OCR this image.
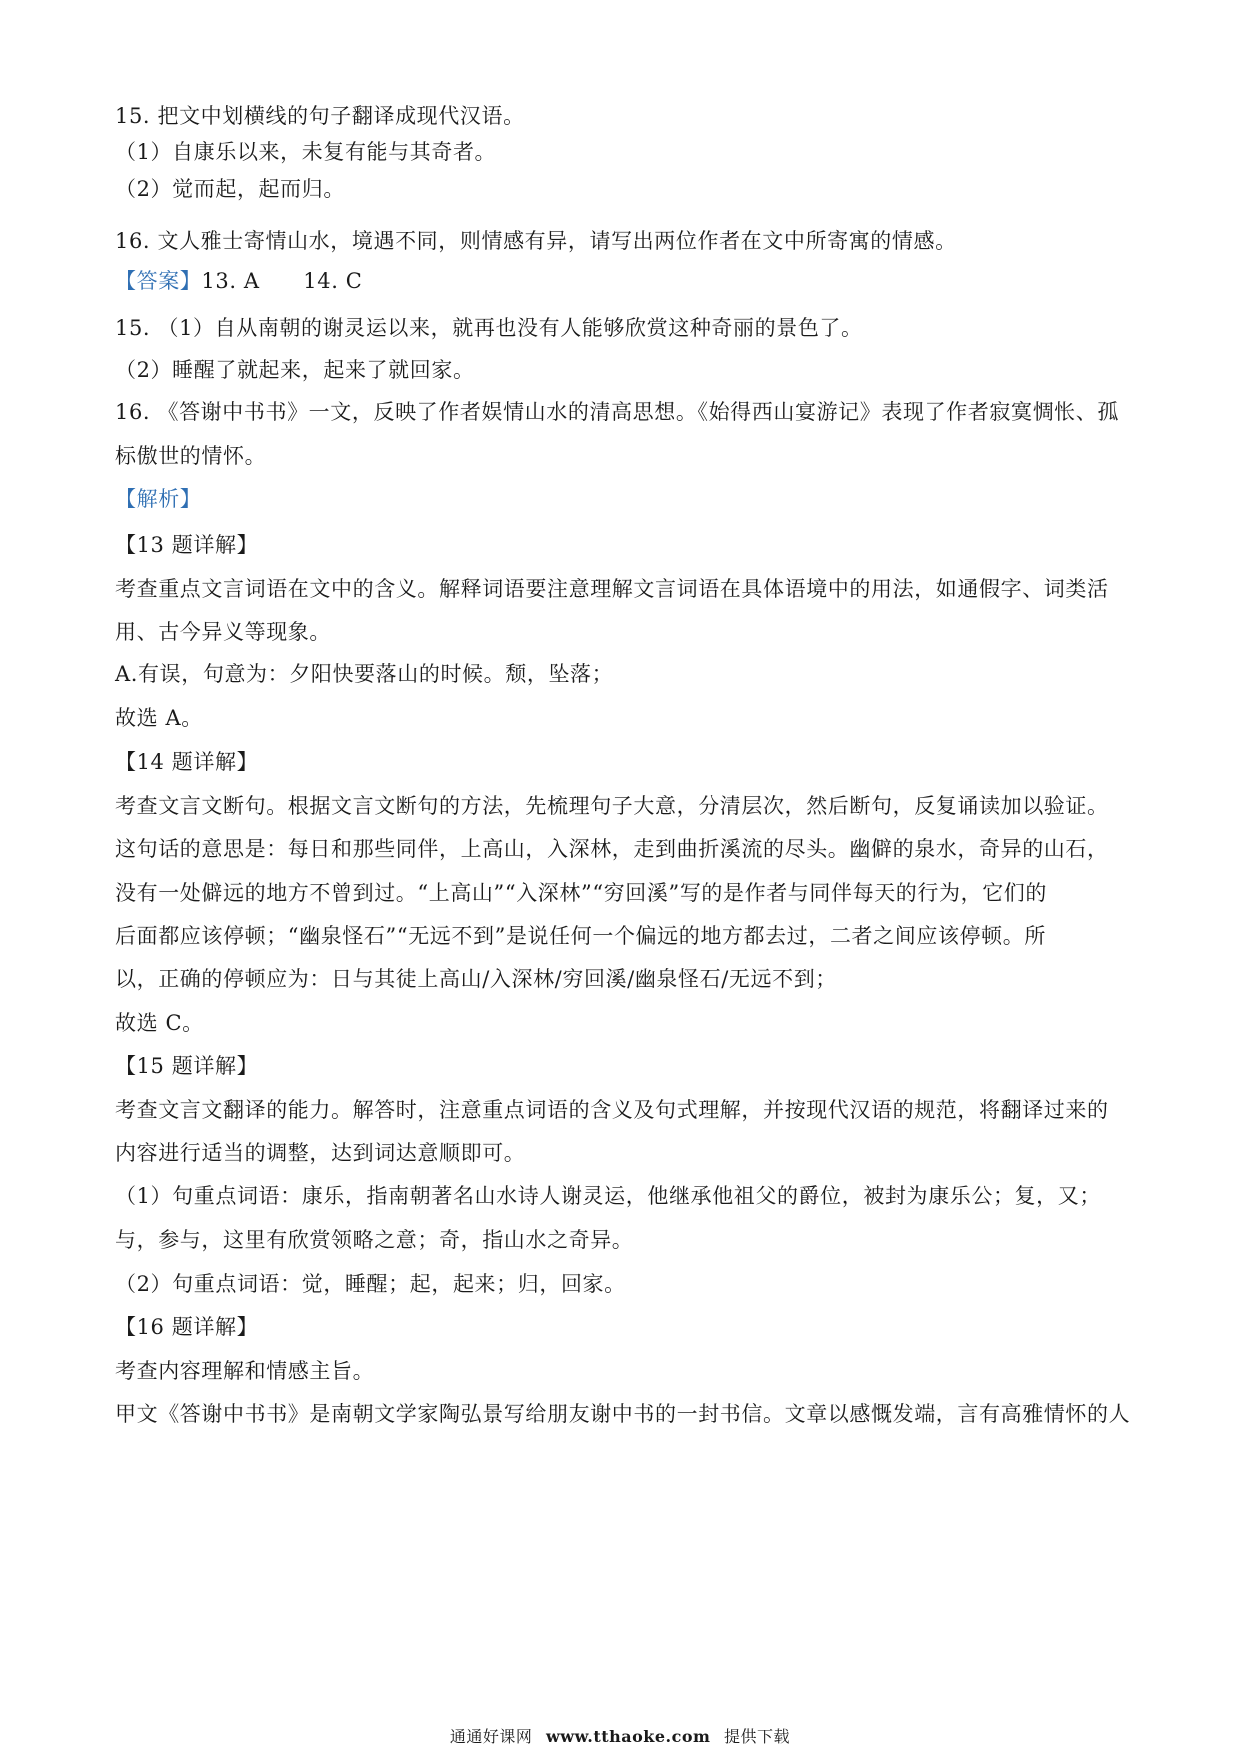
15. 把文中划横线的句子翻译成现代汉语。
（1）自康乐以来，未复有能与其奇者。
（2）觉而起，起而归。
16. 文人雅士寄情山水，境遇不同，则情感有异，请写出两位作者在文中所寄寓的情感。
【答案】13. A      14. C
15. （1）自从南朝的谢灵运以来，就再也没有人能够欣赏这种奇丽的景色了。
（2）睡醒了就起来，起来了就回家。
16. 《答谢中书书》一文，反映了作者娱情山水的清高思想。《始得西山宴游记》表现了作者寂寞惆怅、孤
标傲世的情怀。
【解析】
【13 题详解】
考查重点文言词语在文中的含义。解释词语要注意理解文言词语在具体语境中的用法，如通假字、词类活
用、古今异义等现象。
A.有误，句意为：夕阳快要落山的时候。颓，坠落；
故选 A。
【14 题详解】
考查文言文断句。根据文言文断句的方法，先梳理句子大意，分清层次，然后断句，反复诵读加以验证。
这句话的意思是：每日和那些同伴，上高山，入深林，走到曲折溪流的尽头。幽僻的泉水，奇异的山石，
没有一处僻远的地方不曾到过。“上高山”“入深林”“穷回溪”写的是作者与同伴每天的行为，它们的
后面都应该停顿；“幽泉怪石”“无远不到”是说任何一个偏远的地方都去过，二者之间应该停顿。所
以，正确的停顿应为：日与其徒上高山/入深林/穷回溪/幽泉怪石/无远不到；
故选 C。
【15 题详解】
考查文言文翻译的能力。解答时，注意重点词语的含义及句式理解，并按现代汉语的规范，将翻译过来的
内容进行适当的调整，达到词达意顺即可。
（1）句重点词语：康乐，指南朝著名山水诗人谢灵运，他继承他祖父的爵位，被封为康乐公；复，又；
与，参与，这里有欣赏领略之意；奇，指山水之奇异。
（2）句重点词语：觉，睡醒；起，起来；归，回家。
【16 题详解】
考查内容理解和情感主旨。
甲文《答谢中书书》是南朝文学家陶弘景写给朋友谢中书的一封书信。文章以感慨发端，言有高雅情怀的人
通通好课网 www.tthaoke.com 提供下载
